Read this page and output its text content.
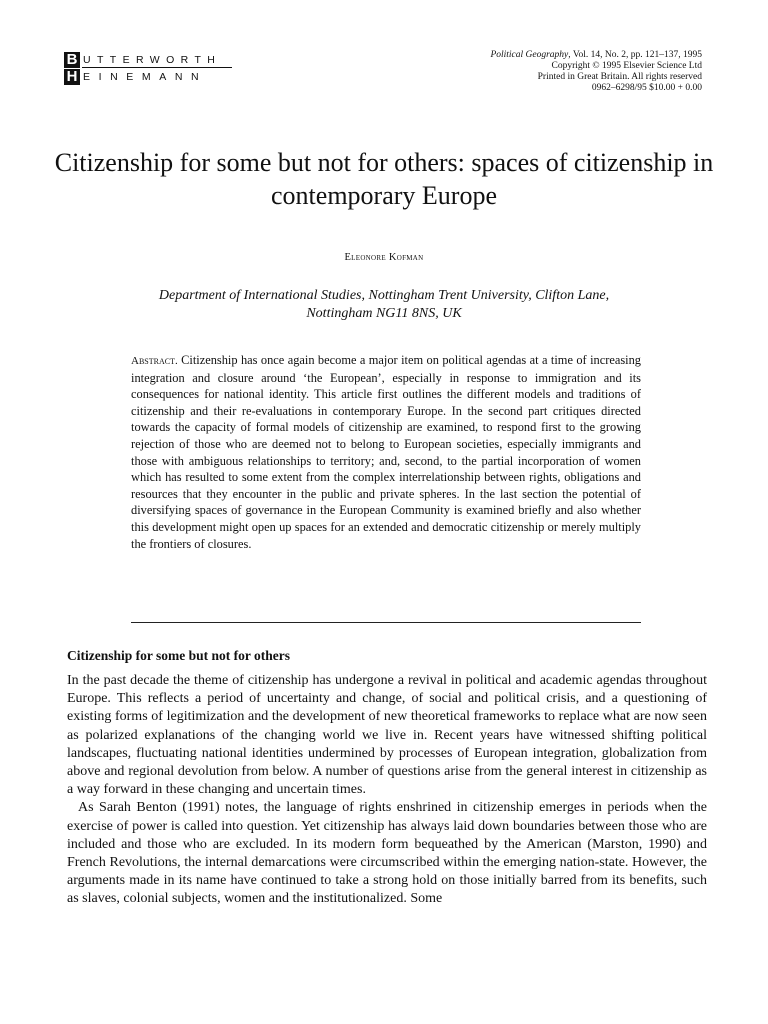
B UTTERWORTH
H EINEMANN
Political Geography, Vol. 14, No. 2, pp. 121–137, 1995
Copyright © 1995 Elsevier Science Ltd
Printed in Great Britain. All rights reserved
0962–6298/95 $10.00 + 0.00
Citizenship for some but not for others: spaces of citizenship in contemporary Europe
Eleonore Kofman
Department of International Studies, Nottingham Trent University, Clifton Lane,
Nottingham NG11 8NS, UK
Abstract. Citizenship has once again become a major item on political agendas at a time of increasing integration and closure around ‘the European’, especially in response to immigration and its consequences for national identity. This article first outlines the different models and traditions of citizenship and their re-evaluations in contemporary Europe. In the second part critiques directed towards the capacity of formal models of citizenship are examined, to respond first to the growing rejection of those who are deemed not to belong to European societies, especially immigrants and those with ambiguous relationships to territory; and, second, to the partial incorporation of women which has resulted to some extent from the complex interrelationship between rights, obligations and resources that they encounter in the public and private spheres. In the last section the potential of diversifying spaces of governance in the European Community is examined briefly and also whether this development might open up spaces for an extended and democratic citizenship or merely multiply the frontiers of closures.
Citizenship for some but not for others

In the past decade the theme of citizenship has undergone a revival in political and academic agendas throughout Europe. This reflects a period of uncertainty and change, of social and political crisis, and a questioning of existing forms of legitimization and the development of new theoretical frameworks to replace what are now seen as polarized explanations of the changing world we live in. Recent years have witnessed shifting political landscapes, fluctuating national identities undermined by processes of European integration, globalization from above and regional devolution from below. A number of questions arise from the general interest in citizenship as a way forward in these changing and uncertain times.

As Sarah Benton (1991) notes, the language of rights enshrined in citizenship emerges in periods when the exercise of power is called into question. Yet citizenship has always laid down boundaries between those who are included and those who are excluded. In its modern form bequeathed by the American (Marston, 1990) and French Revolutions, the internal demarcations were circumscribed within the emerging nation-state. However, the arguments made in its name have continued to take a strong hold on those initially barred from its benefits, such as slaves, colonial subjects, women and the institutionalized. Some
